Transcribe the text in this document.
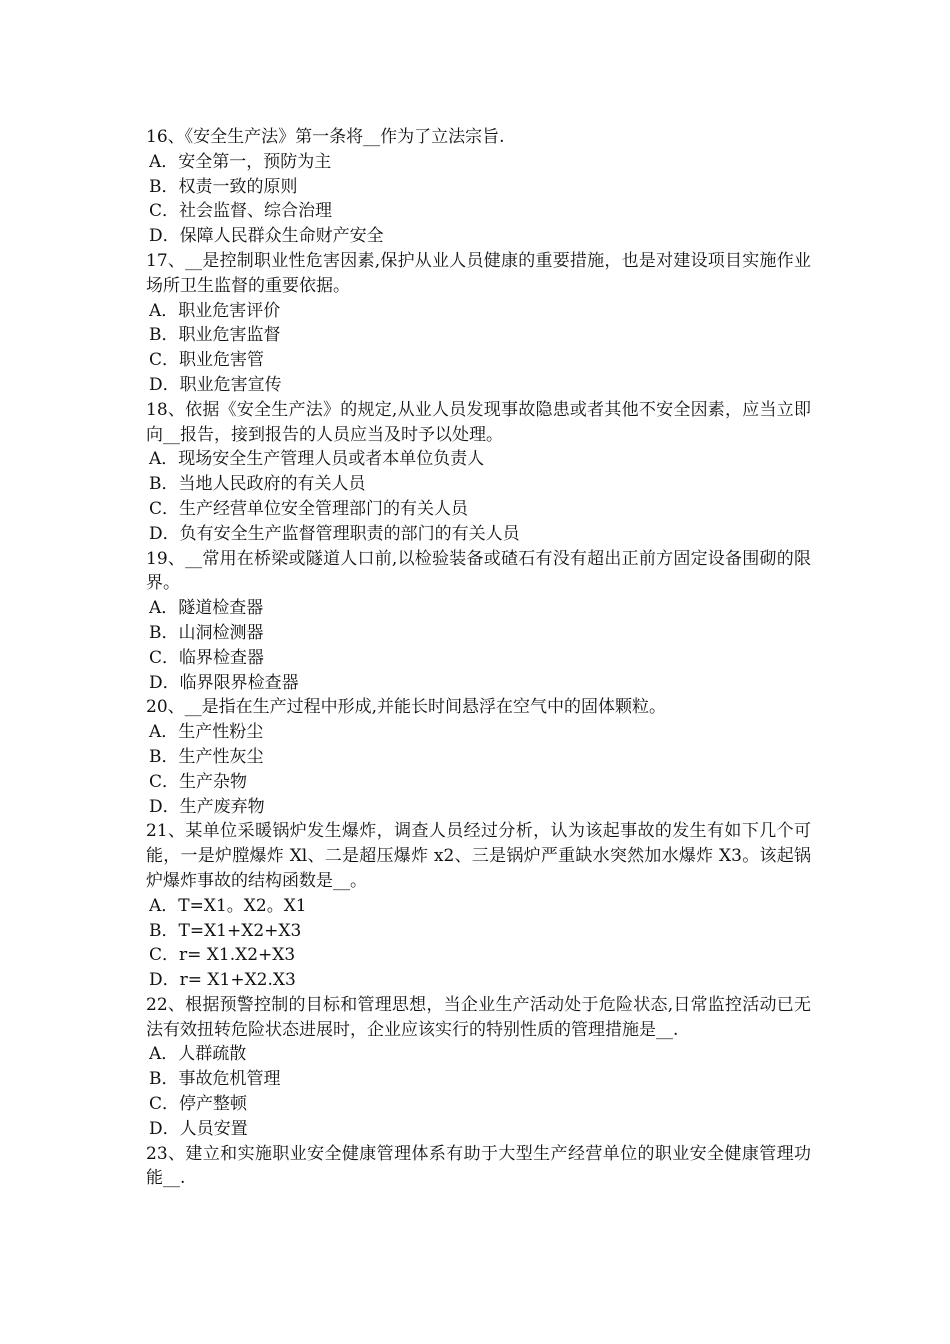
16、《安全生产法》第一条将__作为了立法宗旨.
A．安全第一，预防为主
B．权责一致的原则
C．社会监督、综合治理
D．保障人民群众生命财产安全
17、__是控制职业性危害因素,保护从业人员健康的重要措施，也是对建设项目实施作业场所卫生监督的重要依据。
A．职业危害评价
B．职业危害监督
C．职业危害管
D．职业危害宣传
18、依据《安全生产法》的规定,从业人员发现事故隐患或者其他不安全因素，应当立即向__报告，接到报告的人员应当及时予以处理。
A．现场安全生产管理人员或者本单位负责人
B．当地人民政府的有关人员
C．生产经营单位安全管理部门的有关人员
D．负有安全生产监督管理职责的部门的有关人员
19、__常用在桥梁或隧道人口前,以检验装备或碴石有没有超出正前方固定设备围砌的限界。
A．隧道检查器
B．山洞检测器
C．临界检查器
D．临界限界检查器
20、__是指在生产过程中形成,并能长时间悬浮在空气中的固体颗粒。
A．生产性粉尘
B．生产性灰尘
C．生产杂物
D．生产废弃物
21、某单位采暖锅炉发生爆炸，调查人员经过分析，认为该起事故的发生有如下几个可能，一是炉膛爆炸 Xl、二是超压爆炸 x2、三是锅炉严重缺水突然加水爆炸 X3。该起锅炉爆炸事故的结构函数是__。
A．T=X1。X2。X1
B．T=X1+X2+X3
C．r= X1.X2+X3
D．r= X1+X2.X3
22、根据预警控制的目标和管理思想，当企业生产活动处于危险状态,日常监控活动已无法有效扭转危险状态进展时，企业应该实行的特别性质的管理措施是__.
A．人群疏散
B．事故危机管理
C．停产整顿
D．人员安置
23、建立和实施职业安全健康管理体系有助于大型生产经营单位的职业安全健康管理功能__.
